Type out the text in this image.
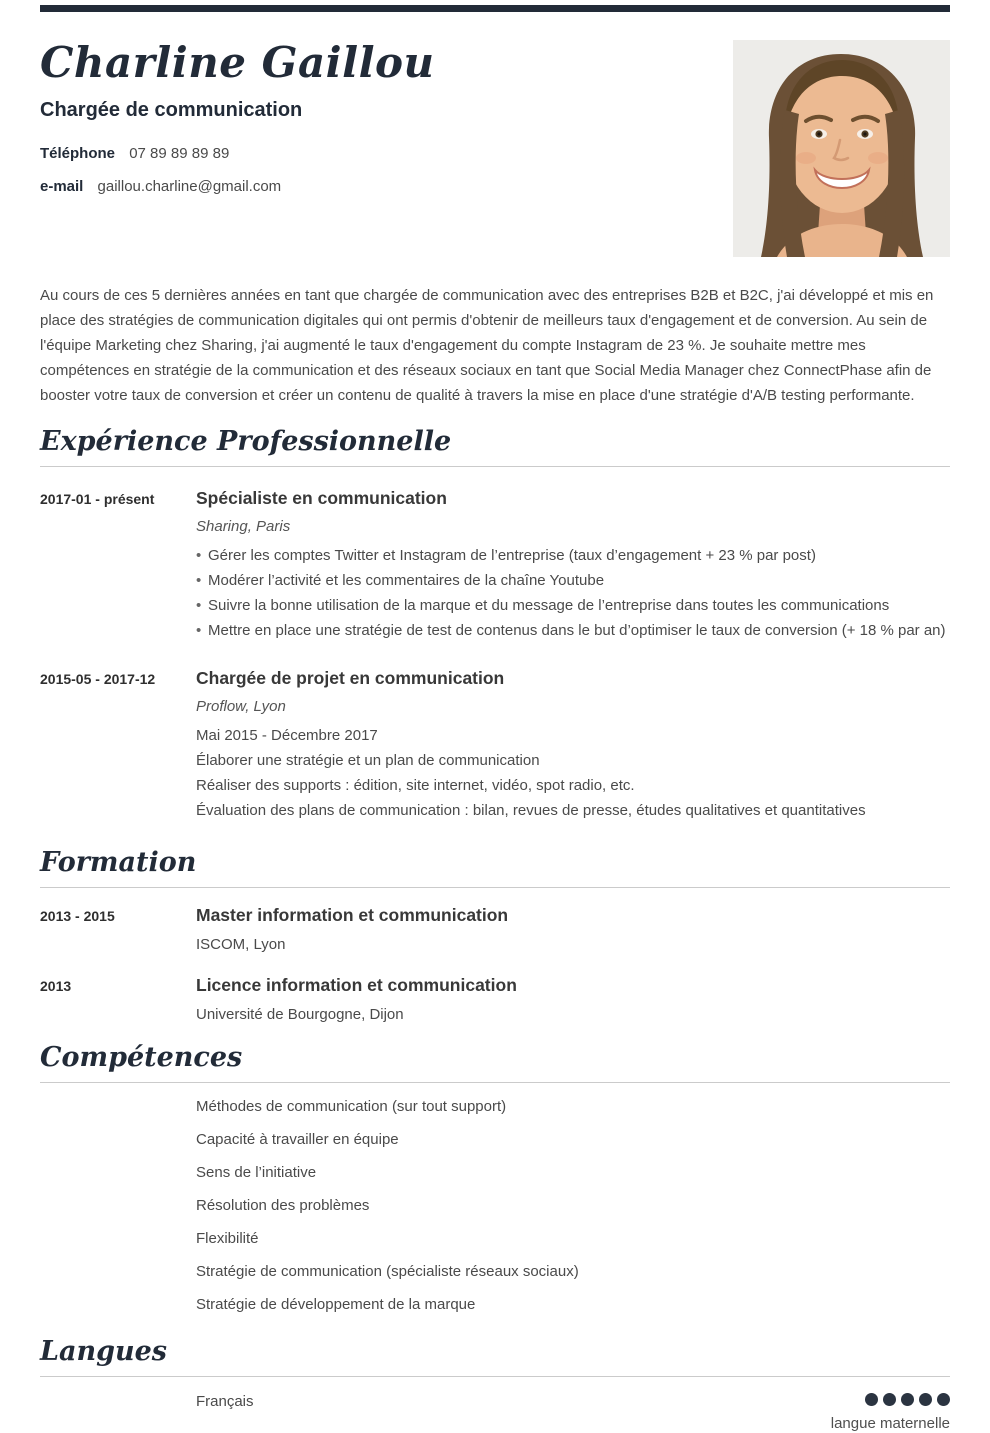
Charline Gaillou
Chargée de communication
Téléphone 07 89 89 89 89
e-mail gaillou.charline@gmail.com

Au cours de ces 5 dernières années en tant que chargée de communication avec des entreprises B2B et B2C, j'ai développé et mis en place des stratégies de communication digitales qui ont permis d'obtenir de meilleurs taux d'engagement et de conversion. Au sein de l'équipe Marketing chez Sharing, j'ai augmenté le taux d'engagement du compte Instagram de 23 %. Je souhaite mettre mes compétences en stratégie de la communication et des réseaux sociaux en tant que Social Media Manager chez ConnectPhase afin de booster votre taux de conversion et créer un contenu de qualité à travers la mise en place d'une stratégie d'A/B testing performante.

Expérience Professionnelle
2017-01 - présent	Spécialiste en communication
Sharing, Paris
• Gérer les comptes Twitter et Instagram de l’entreprise (taux d’engagement + 23 % par post)
• Modérer l’activité et les commentaires de la chaîne Youtube
• Suivre la bonne utilisation de la marque et du message de l’entreprise dans toutes les communications
• Mettre en place une stratégie de test de contenus dans le but d’optimiser le taux de conversion (+ 18 % par an)
2015-05 - 2017-12	Chargée de projet en communication
Proflow, Lyon
Mai 2015 - Décembre 2017
Élaborer une stratégie et un plan de communication
Réaliser des supports : édition, site internet, vidéo, spot radio, etc.
Évaluation des plans de communication : bilan, revues de presse, études qualitatives et quantitatives
Formation
2013 - 2015	Master information et communication
ISCOM, Lyon
2013	Licence information et communication
Université de Bourgogne, Dijon
Compétences
Méthodes de communication (sur tout support)
Capacité à travailler en équipe
Sens de l’initiative
Résolution des problèmes
Flexibilité
Stratégie de communication (spécialiste réseaux sociaux)
Stratégie de développement de la marque
Langues
Français
langue maternelle
